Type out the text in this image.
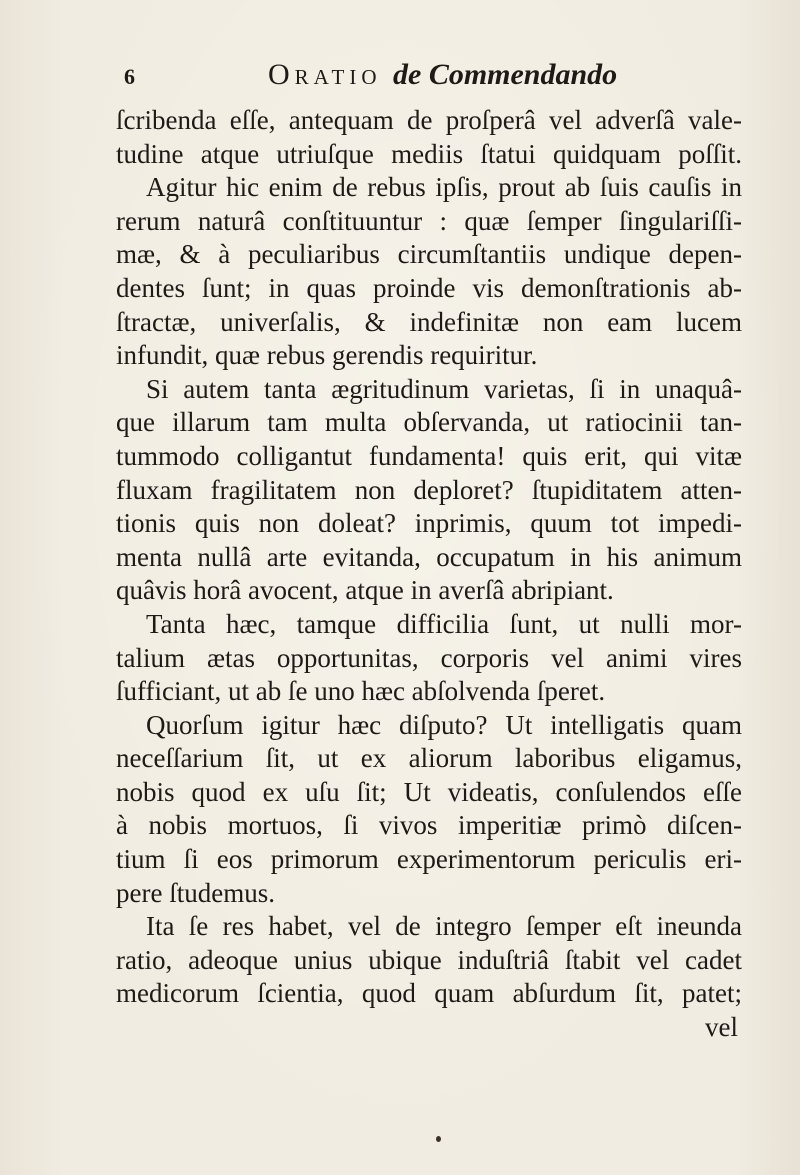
6	Oratio de Commendando
ſcribenda eſſe, antequam de proſperâ vel adverſâ vale-
tudine atque utriuſque mediis ſtatui quidquam poſſit.
Agitur hic enim de rebus ipſis, prout ab ſuis cauſis in
rerum naturâ conſtituuntur : quæ ſemper ſingulariſſi-
mæ, & à peculiaribus circumſtantiis undique depen-
dentes ſunt; in quas proinde vis demonſtrationis ab-
ſtractæ, univerſalis, & indefinitæ non eam lucem
infundit, quæ rebus gerendis requiritur.
Si autem tanta ægritudinum varietas, ſi in unaquâ-
que illarum tam multa obſervanda, ut ratiocinii tan-
tummodo colligantut fundamenta! quis erit, qui vitæ
fluxam fragilitatem non deploret? ſtupiditatem atten-
tionis quis non doleat? inprimis, quum tot impedi-
menta nullâ arte evitanda, occupatum in his animum
quâvis horâ avocent, atque in averſâ abripiant.
Tanta hæc, tamque difficilia ſunt, ut nulli mor-
talium ætas opportunitas, corporis vel animi vires
ſufficiant, ut ab ſe uno hæc abſolvenda ſperet.
Quorſum igitur hæc diſputo? Ut intelligatis quam
neceſſarium ſit, ut ex aliorum laboribus eligamus,
nobis quod ex uſu ſit; Ut videatis, conſulendos eſſe
à nobis mortuos, ſi vivos imperitiæ primò diſcen-
tium ſi eos primorum experimentorum periculis eri-
pere ſtudemus.
Ita ſe res habet, vel de integro ſemper eſt ineunda
ratio, adeoque unius ubique induſtriâ ſtabit vel cadet
medicorum ſcientia, quod quam abſurdum ſit, patet;
vel
